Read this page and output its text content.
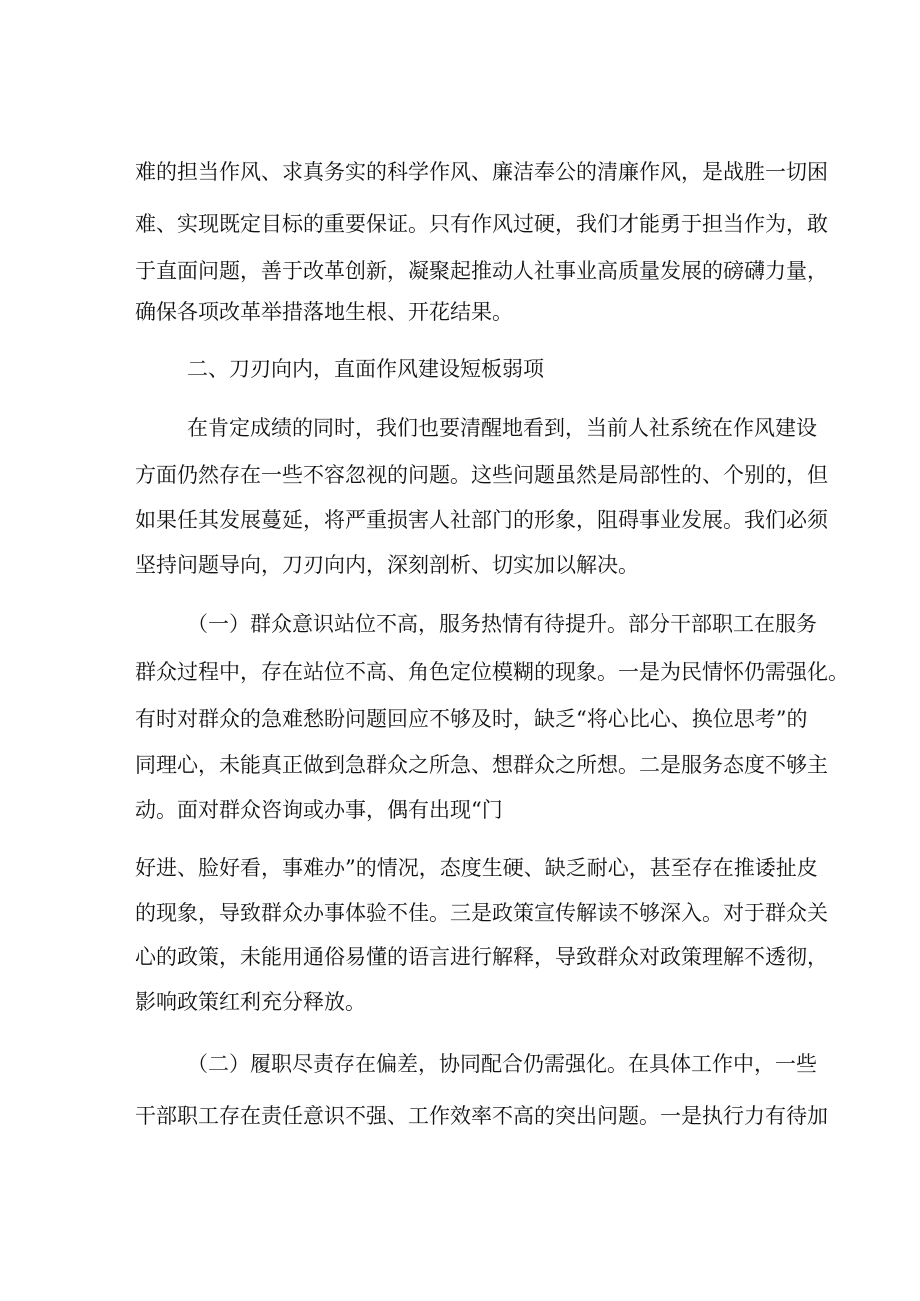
难的担当作风、求真务实的科学作风、廉洁奉公的清廉作风，是战胜一切困

难、实现既定目标的重要保证。只有作风过硬，我们才能勇于担当作为，敢

于直面问题，善于改革创新，凝聚起推动人社事业高质量发展的磅礴力量，

确保各项改革举措落地生根、开花结果。

二、刀刃向内，直面作风建设短板弱项

在肯定成绩的同时，我们也要清醒地看到，当前人社系统在作风建设

方面仍然存在一些不容忽视的问题。这些问题虽然是局部性的、个别的，但

如果任其发展蔓延，将严重损害人社部门的形象，阻碍事业发展。我们必须

坚持问题导向，刀刃向内，深刻剖析、切实加以解决。

（一）群众意识站位不高，服务热情有待提升。部分干部职工在服务

群众过程中，存在站位不高、角色定位模糊的现象。一是为民情怀仍需强化。

有时对群众的急难愁盼问题回应不够及时，缺乏“将心比心、换位思考”的

同理心，未能真正做到急群众之所急、想群众之所想。二是服务态度不够主

动。面对群众咨询或办事，偶有出现“门

好进、脸好看，事难办”的情况，态度生硬、缺乏耐心，甚至存在推诿扯皮

的现象，导致群众办事体验不佳。三是政策宣传解读不够深入。对于群众关

心的政策，未能用通俗易懂的语言进行解释，导致群众对政策理解不透彻，

影响政策红利充分释放。

（二）履职尽责存在偏差，协同配合仍需强化。在具体工作中，一些

干部职工存在责任意识不强、工作效率不高的突出问题。一是执行力有待加
